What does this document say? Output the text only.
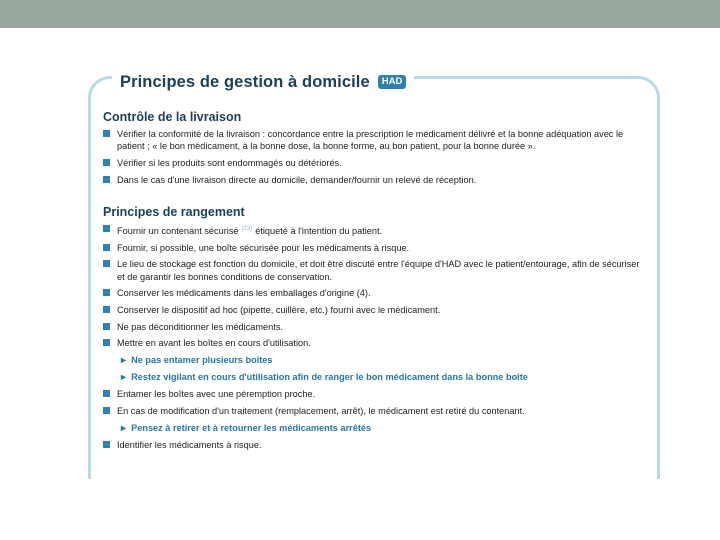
Principes de gestion à domicile	HAD
Contrôle de la livraison
Vérifier la conformité de la livraison : concordance entre la prescription le médicament délivré et la bonne adéquation avec le patient ; « le bon médicament, à la bonne dose, la bonne forme, au bon patient, pour la bonne durée ».
Vérifier si les produits sont endommagés ou détériorés.
Dans le cas d'une livraison directe au domicile, demander/fournir un relevé de réception.
Principes de rangement
Fournir un contenant sécurisé $^{(23)}$ étiqueté à l'intention du patient.
Fournir, si possible, une boîte sécurisée pour les médicaments à risque.
Le lieu de stockage est fonction du domicile, et doit être discuté entre l'équipe d'HAD avec le patient/entourage, afin de sécuriser et de garantir les bonnes conditions de conservation.
Conserver les médicaments dans les emballages d'origine (4).
Conserver le dispositif ad hoc (pipette, cuillère, etc.) fourni avec le médicament.
Ne pas déconditionner les médicaments.
Mettre en avant les boîtes en cours d'utilisation.
► Ne pas entamer plusieurs boîtes
► Restez vigilant en cours d'utilisation afin de ranger le bon médicament dans la bonne boîte
Entamer les boîtes avec une péremption proche.
En cas de modification d'un traitement (remplacement, arrêt), le médicament est retiré du contenant.
► Pensez à retirer et à retourner les médicaments arrêtés
Identifier les médicaments à risque.
